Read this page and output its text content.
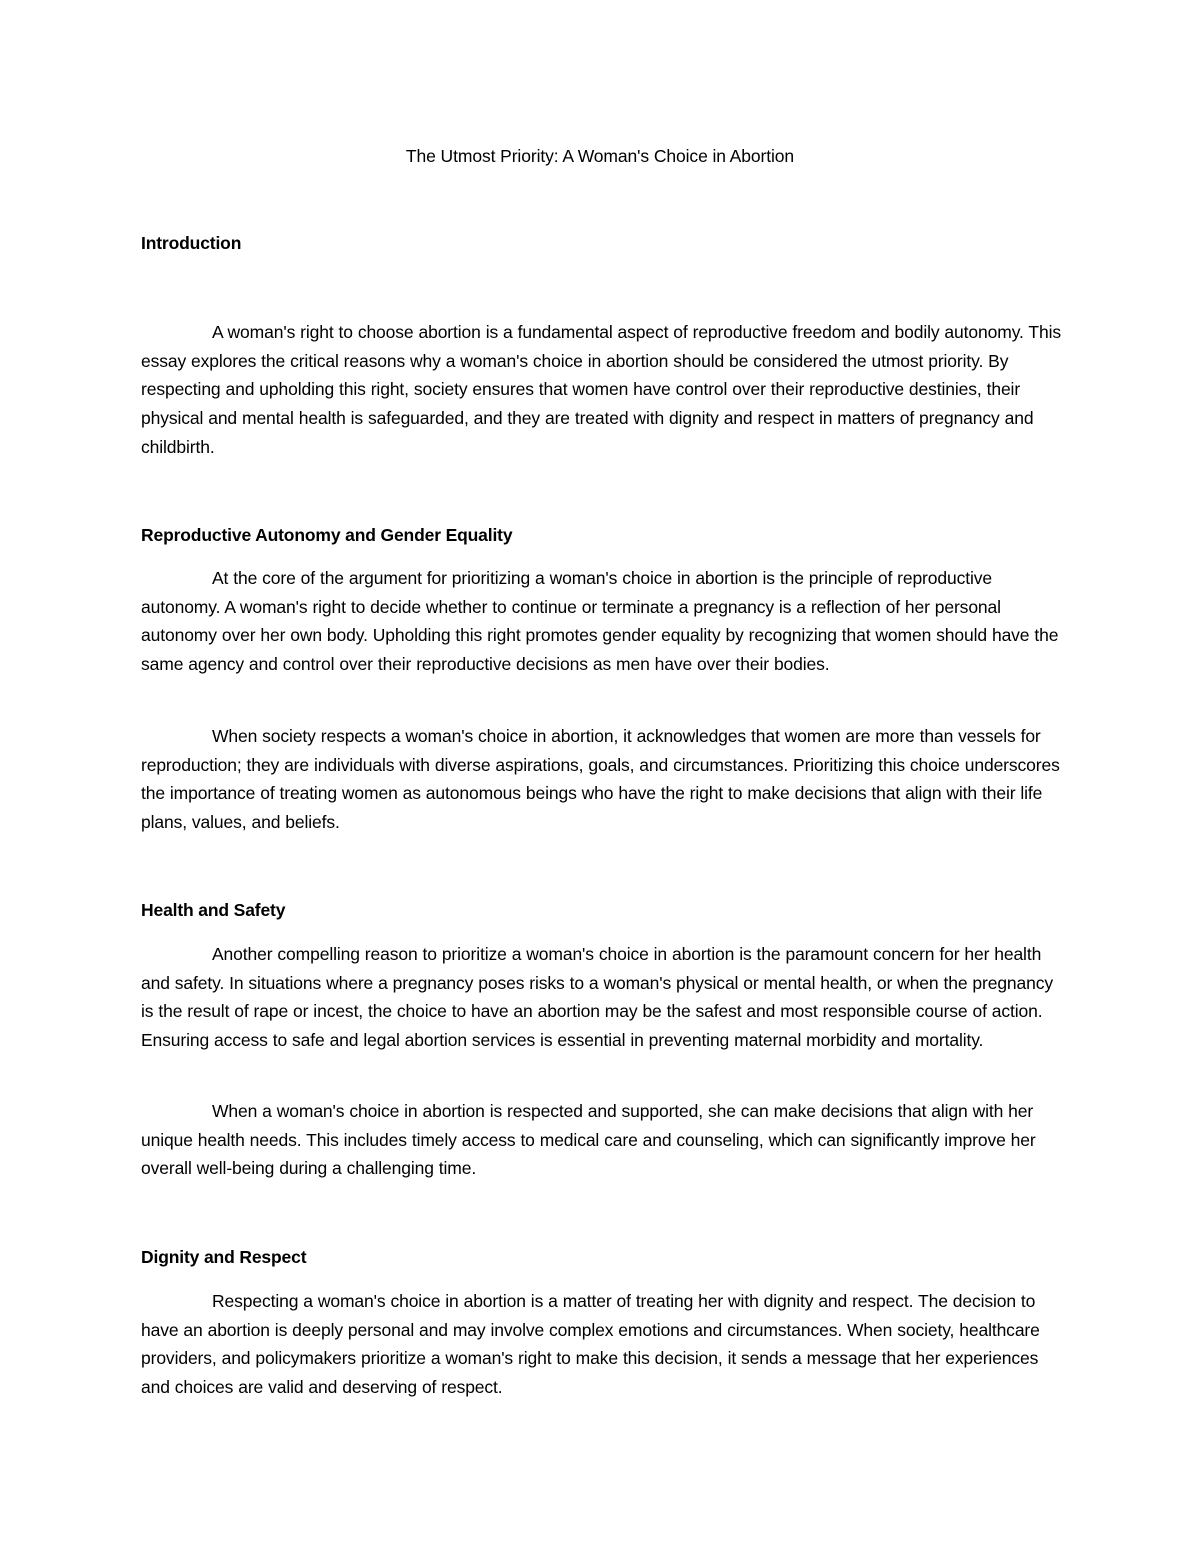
The Utmost Priority: A Woman's Choice in Abortion
Introduction

A woman's right to choose abortion is a fundamental aspect of reproductive freedom and bodily autonomy. This essay explores the critical reasons why a woman's choice in abortion should be considered the utmost priority. By respecting and upholding this right, society ensures that women have control over their reproductive destinies, their physical and mental health is safeguarded, and they are treated with dignity and respect in matters of pregnancy and childbirth.

Reproductive Autonomy and Gender Equality

At the core of the argument for prioritizing a woman's choice in abortion is the principle of reproductive autonomy. A woman's right to decide whether to continue or terminate a pregnancy is a reflection of her personal autonomy over her own body. Upholding this right promotes gender equality by recognizing that women should have the same agency and control over their reproductive decisions as men have over their bodies.

When society respects a woman's choice in abortion, it acknowledges that women are more than vessels for reproduction; they are individuals with diverse aspirations, goals, and circumstances. Prioritizing this choice underscores the importance of treating women as autonomous beings who have the right to make decisions that align with their life plans, values, and beliefs.

Health and Safety

Another compelling reason to prioritize a woman's choice in abortion is the paramount concern for her health and safety. In situations where a pregnancy poses risks to a woman's physical or mental health, or when the pregnancy is the result of rape or incest, the choice to have an abortion may be the safest and most responsible course of action. Ensuring access to safe and legal abortion services is essential in preventing maternal morbidity and mortality.

When a woman's choice in abortion is respected and supported, she can make decisions that align with her unique health needs. This includes timely access to medical care and counseling, which can significantly improve her overall well-being during a challenging time.

Dignity and Respect

Respecting a woman's choice in abortion is a matter of treating her with dignity and respect. The decision to have an abortion is deeply personal and may involve complex emotions and circumstances. When society, healthcare providers, and policymakers prioritize a woman's right to make this decision, it sends a message that her experiences and choices are valid and deserving of respect.
